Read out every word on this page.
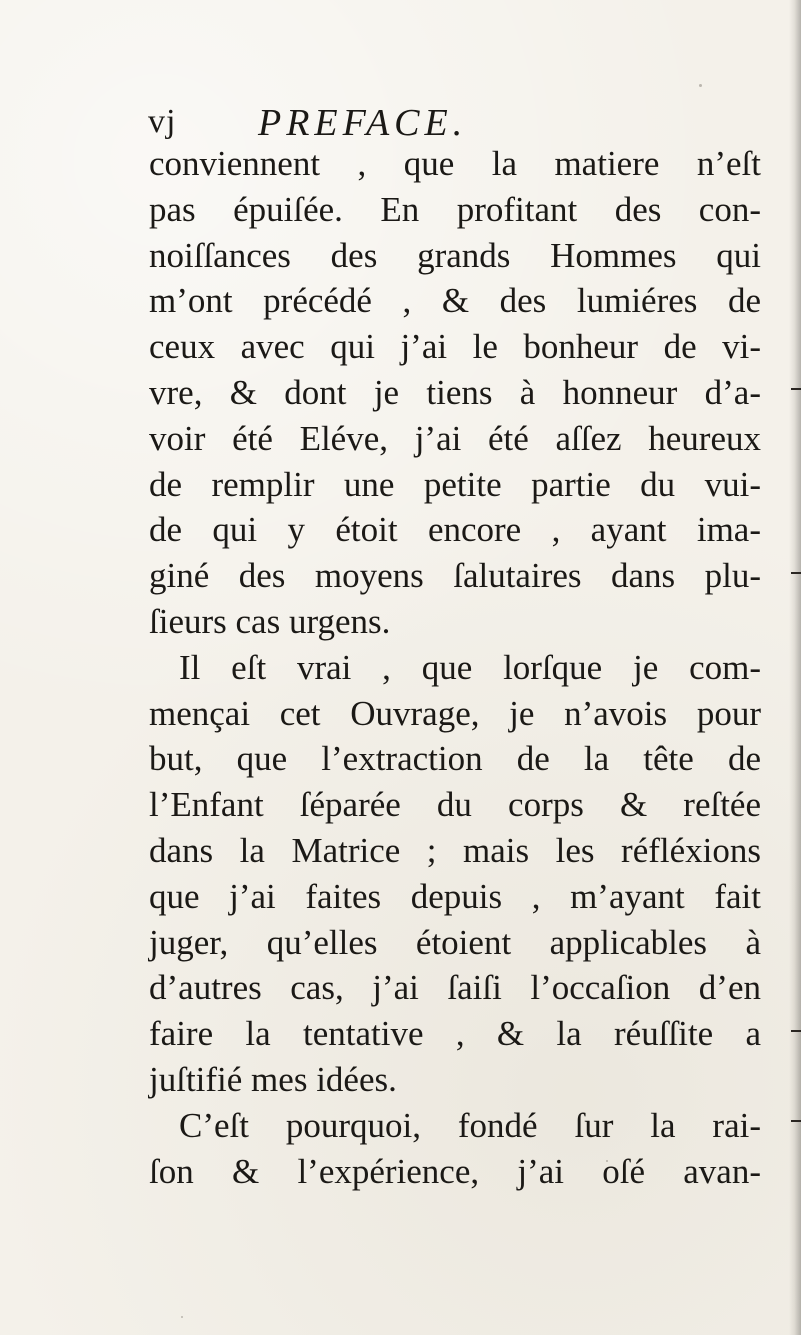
vj PREFACE.
conviennent , que la matiere n’eſt
pas épuiſée. En profitant des con-
noiſſances des grands Hommes qui
m’ont précédé , & des lumiéres de
ceux avec qui j’ai le bonheur de vi-
vre, & dont je tiens à honneur d’a-
voir été Eléve, j’ai été aſſez heureux
de remplir une petite partie du vui-
de qui y étoit encore , ayant ima-
giné des moyens ſalutaires dans plu-
ſieurs cas urgens.
Il eſt vrai , que lorſque je com-
mençai cet Ouvrage, je n’avois pour
but, que l’extraction de la tête de
l’Enfant ſéparée du corps & reſtée
dans la Matrice ; mais les réfléxions
que j’ai faites depuis , m’ayant fait
juger, qu’elles étoient applicables à
d’autres cas, j’ai ſaiſi l’occaſion d’en
faire la tentative , & la réuſſite a
juſtifié mes idées.
C’eſt pourquoi, fondé ſur la rai-
ſon & l’expérience, j’ai oſé avan-
